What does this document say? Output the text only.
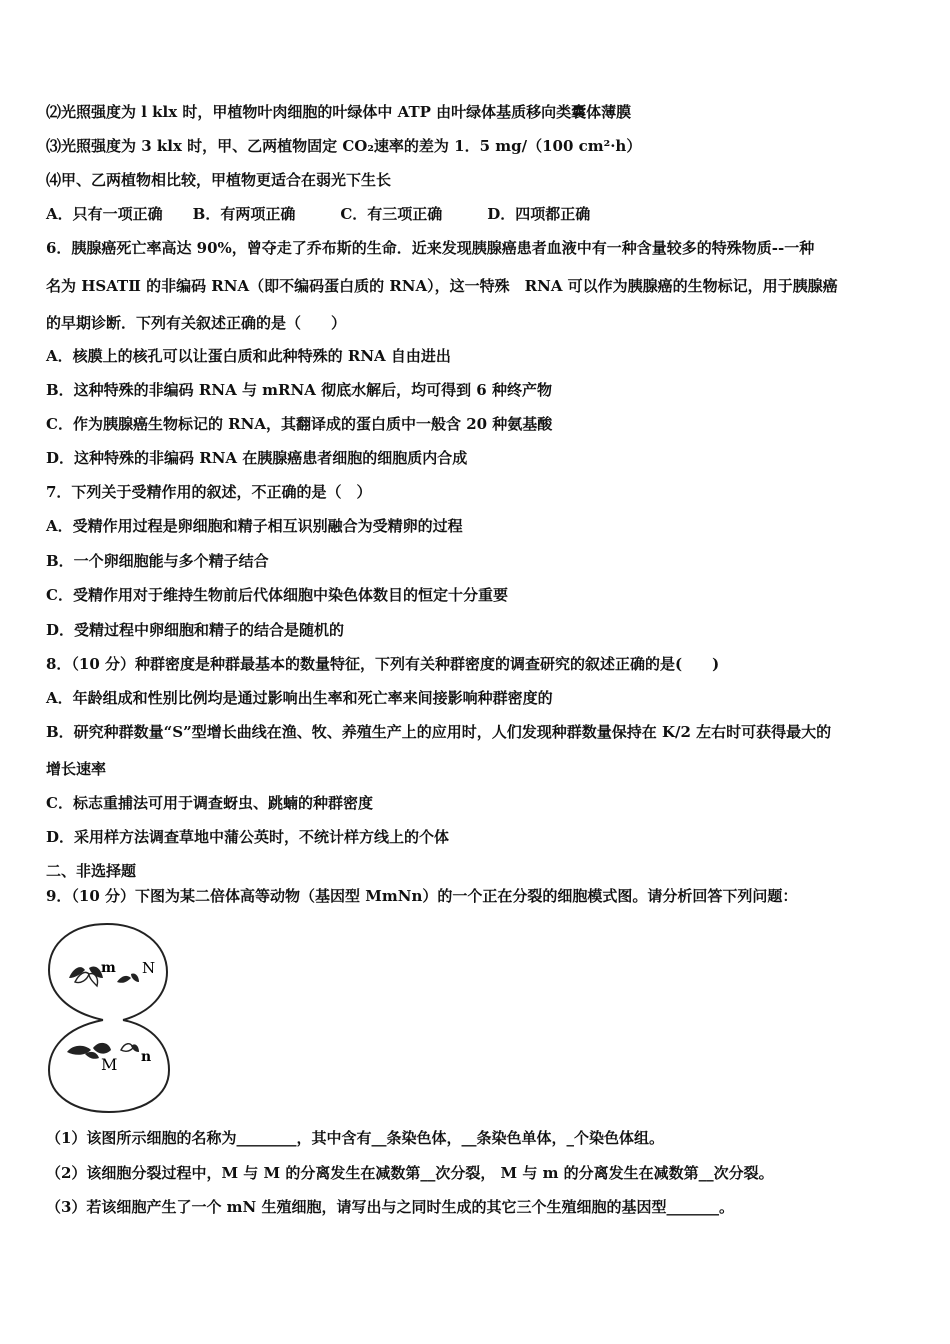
⑵光照强度为 l klx 时，甲植物叶肉细胞的叶绿体中 ATP 由叶绿体基质移向类囊体薄膜
⑶光照强度为 3 klx 时，甲、乙两植物固定 CO₂速率的差为 1．5 mg/（100 cm²·h）
⑷甲、乙两植物相比较，甲植物更适合在弱光下生长
A．只有一项正确　　B．有两项正确　　　C．有三项正确　　　D．四项都正确
6．胰腺癌死亡率高达 90%，曾夺走了乔布斯的生命．近来发现胰腺癌患者血液中有一种含量较多的特殊物质--一种
名为 HSATⅡ 的非编码 RNA（即不编码蛋白质的 RNA），这一特殊　RNA 可以作为胰腺癌的生物标记，用于胰腺癌
的早期诊断．下列有关叙述正确的是（　　）
A．核膜上的核孔可以让蛋白质和此种特殊的 RNA 自由进出
B．这种特殊的非编码 RNA 与 mRNA 彻底水解后，均可得到 6 种终产物
C．作为胰腺癌生物标记的 RNA，其翻译成的蛋白质中一般含 20 种氨基酸
D．这种特殊的非编码 RNA 在胰腺癌患者细胞的细胞质内合成
7．下列关于受精作用的叙述，不正确的是（　）
A．受精作用过程是卵细胞和精子相互识别融合为受精卵的过程
B．一个卵细胞能与多个精子结合
C．受精作用对于维持生物前后代体细胞中染色体数目的恒定十分重要
D．受精过程中卵细胞和精子的结合是随机的
8．（10 分）种群密度是种群最基本的数量特征，下列有关种群密度的调查研究的叙述正确的是(　　)
A．年龄组成和性别比例均是通过影响出生率和死亡率来间接影响种群密度的
B．研究种群数量“S”型增长曲线在渔、牧、养殖生产上的应用时，人们发现种群数量保持在 K/2 左右时可获得最大的
增长速率
C．标志重捕法可用于调查蚜虫、跳蝻的种群密度
D．采用样方法调查草地中蒲公英时，不统计样方线上的个体
二、非选择题
9．（10 分）下图为某二倍体高等动物（基因型 MmNn）的一个正在分裂的细胞模式图。请分析回答下列问题：
m N
M n
（1）该图所示细胞的名称为________，其中含有__条染色体，__条染色单体，_个染色体组。
（2）该细胞分裂过程中，M 与 M 的分离发生在减数第__次分裂， M 与 m 的分离发生在减数第__次分裂。
（3）若该细胞产生了一个 mN 生殖细胞，请写出与之同时生成的其它三个生殖细胞的基因型_______。
